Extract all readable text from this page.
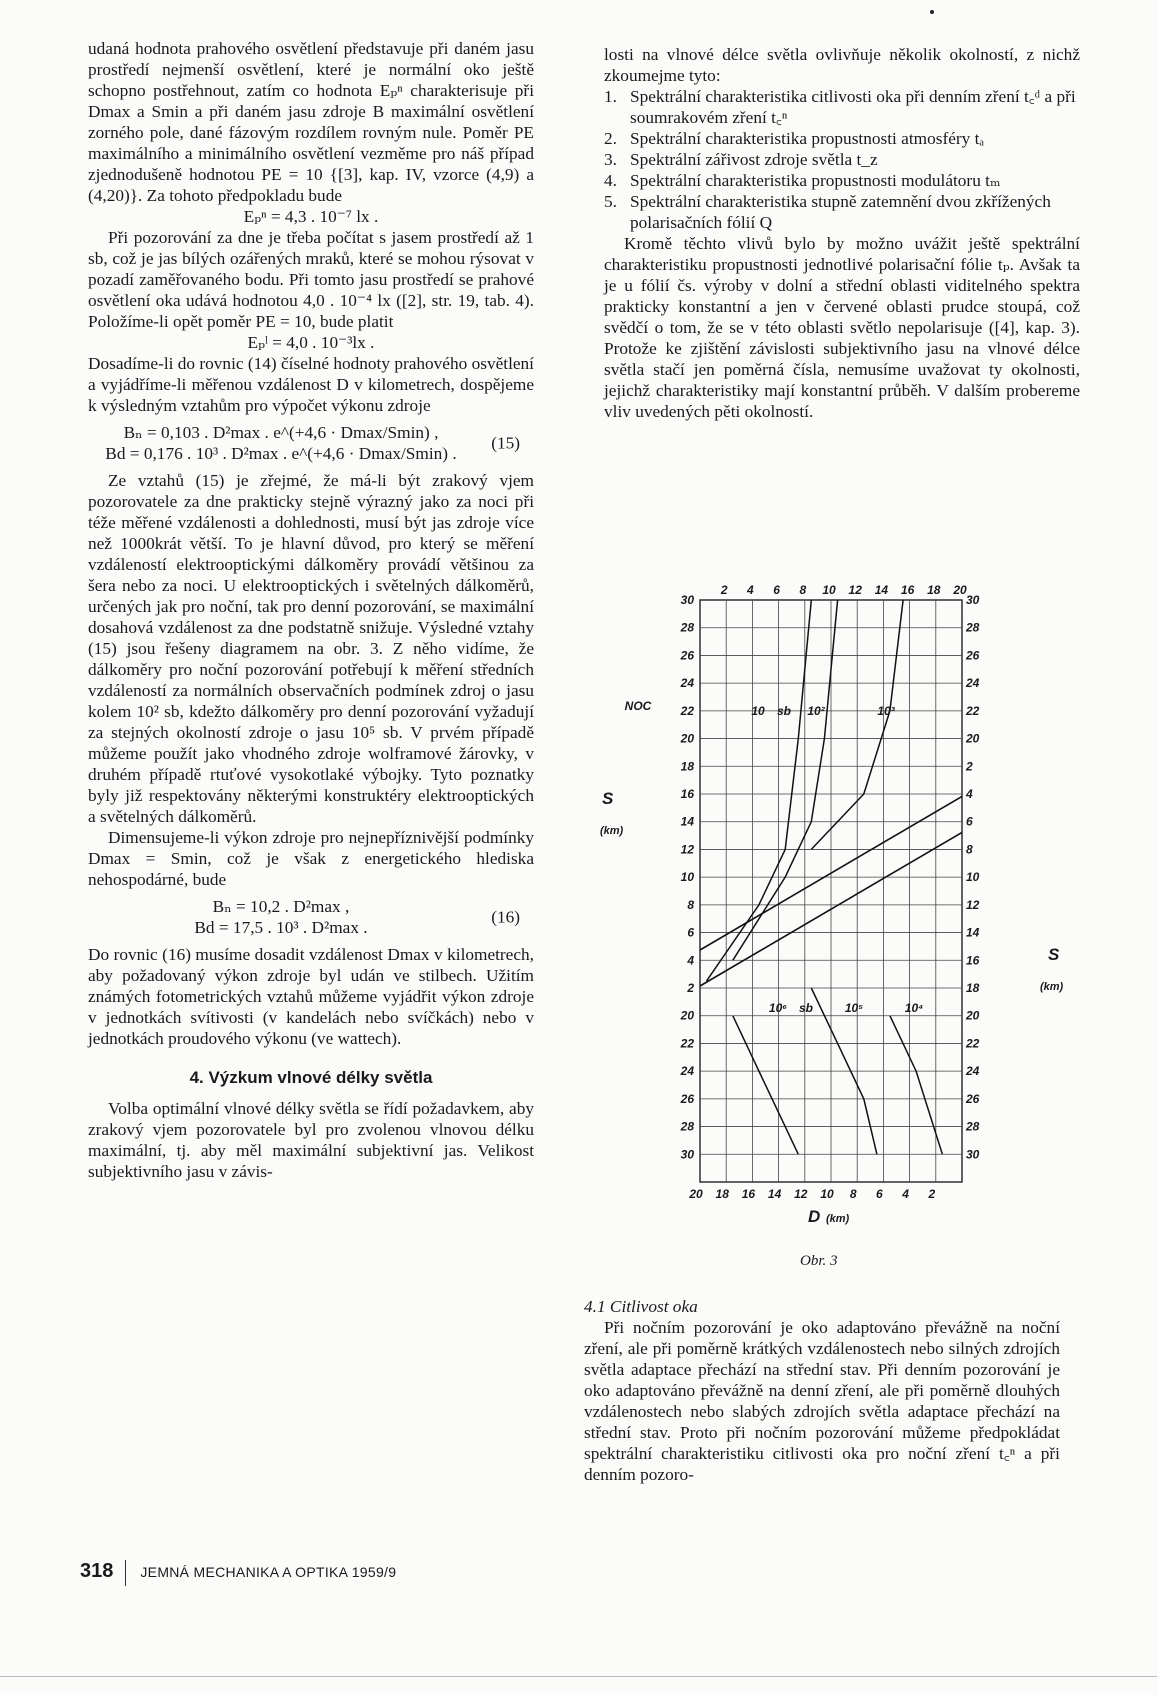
udaná hodnota prahového osvětlení představuje při daném jasu prostředí nejmenší osvětlení, které je normální oko ještě schopno postřehnout, zatím co hodnota Eₚⁿ charakterisuje při Dmax a Smin a při daném jasu zdroje B maximální osvětlení zorného pole, dané fázovým rozdílem rovným nule. Poměr PE maximálního a minimálního osvětlení vezměme pro náš případ zjednodušeně hodnotou PE = 10 {[3], kap. IV, vzorce (4,9) a (4,20)}. Za tohoto předpokladu bude

Eₚⁿ = 4,3 . 10⁻⁷ lx .

Při pozorování za dne je třeba počítat s jasem prostředí až 1 sb, což je jas bílých ozářených mraků, které se mohou rýsovat v pozadí zaměřovaného bodu. Při tomto jasu prostředí se prahové osvětlení oka udává hodnotou 4,0 . 10⁻⁴ lx ([2], str. 19, tab. 4). Položíme-li opět poměr PE = 10, bude platit

Eₚˡ = 4,0 . 10⁻³lx .

Dosadíme-li do rovnic (14) číselné hodnoty prahového osvětlení a vyjádříme-li měřenou vzdálenost D v kilometrech, dospějeme k výsledným vztahům pro výpočet výkonu zdroje

Bₙ = 0,103 . D²max . e^(+4,6 · Dmax/Smin) ,
Bd = 0,176 . 10³ . D²max . e^(+4,6 · Dmax/Smin) .
(15)

Ze vztahů (15) je zřejmé, že má-li být zrakový vjem pozorovatele za dne prakticky stejně výrazný jako za noci při téže měřené vzdálenosti a dohlednosti, musí být jas zdroje více než 1000krát větší. To je hlavní důvod, pro který se měření vzdáleností elektrooptickými dálkoměry provádí většinou za šera nebo za noci. U elektrooptických i světelných dálkoměrů, určených jak pro noční, tak pro denní pozorování, se maximální dosahová vzdálenost za dne podstatně snižuje. Výsledné vztahy (15) jsou řešeny diagramem na obr. 3. Z něho vidíme, že dálkoměry pro noční pozorování potřebují k měření středních vzdáleností za normálních observačních podmínek zdroj o jasu kolem 10² sb, kdežto dálkoměry pro denní pozorování vyžadují za stejných okolností zdroje o jasu 10⁵ sb. V prvém případě můžeme použít jako vhodného zdroje wolframové žárovky, v druhém případě rtuťové vysokotlaké výbojky. Tyto poznatky byly již respektovány některými konstruktéry elektrooptických a světelných dálkoměrů.

Dimensujeme-li výkon zdroje pro nejnepříznivější podmínky Dmax = Smin, což je však z energetického hlediska nehospodárné, bude

Bₙ = 10,2 . D²max ,
Bd = 17,5 . 10³ . D²max .
(16)

Do rovnic (16) musíme dosadit vzdálenost Dmax v kilometrech, aby požadovaný výkon zdroje byl udán ve stilbech. Užitím známých fotometrických vztahů můžeme vyjádřit výkon zdroje v jednotkách svítivosti (v kandelách nebo svíčkách) nebo v jednotkách proudového výkonu (ve wattech).

4. Výzkum vlnové délky světla

Volba optimální vlnové délky světla se řídí požadavkem, aby zrakový vjem pozorovatele byl pro zvolenou vlnovou délku maximální, tj. aby měl maximální subjektivní jas. Velikost subjektivního jasu v závis-

losti na vlnové délce světla ovlivňuje několik okolností, z nichž zkoumejme tyto:

1. Spektrální charakteristika citlivosti oka při denním zření t꜀ᵈ a při soumrakovém zření t꜀ⁿ
2. Spektrální charakteristika propustnosti atmosféry tₐ
3. Spektrální zářivost zdroje světla t_z
4. Spektrální charakteristika propustnosti modulátoru tₘ
5. Spektrální charakteristika stupně zatemnění dvou zkřížených polarisačních fólií Q

Kromě těchto vlivů bylo by možno uvážit ještě spektrální charakteristiku propustnosti jednotlivé polarisační fólie tₚ. Avšak ta je u fólií čs. výroby v dolní a střední oblasti viditelného spektra prakticky konstantní a jen v červené oblasti prudce stoupá, což svědčí o tom, že se v této oblasti světlo nepolarisuje ([4], kap. 3). Protože ke zjištění závislosti subjektivního jasu na vlnové délce světla stačí jen poměrná čísla, nemusíme uvažovat ty okolnosti, jejichž charakteristiky mají konstantní průběh. V dalším probereme vliv uvedených pěti okolností.

2 4 6 8 10 12 14 16 18 20
20 18 16 14 12 10 8 6 4 2
30
28
26
24
22
20
18
16
14
12
10
8
6
4
2
20
22
24
26
28
30
30
28
26
24
22
20
2
4
6
8
10
12
14
16
18
20
22
24
26
28
30
NOC
S
(km)
S
(km)
D (km)
10	10²	10³
sb
10⁶	10⁵	10⁴
sb
Obr. 3

4.1 Citlivost oka

Při nočním pozorování je oko adaptováno převážně na noční zření, ale při poměrně krátkých vzdálenostech nebo silných zdrojích světla adaptace přechází na střední stav. Při denním pozorování je oko adaptováno převážně na denní zření, ale při poměrně dlouhých vzdálenostech nebo slabých zdrojích světla adaptace přechází na střední stav. Proto při nočním pozorování můžeme předpokládat spektrální charakteristiku citlivosti oka pro noční zření t꜀ⁿ a při denním pozoro-

318 JEMNÁ MECHANIKA A OPTIKA 1959/9
